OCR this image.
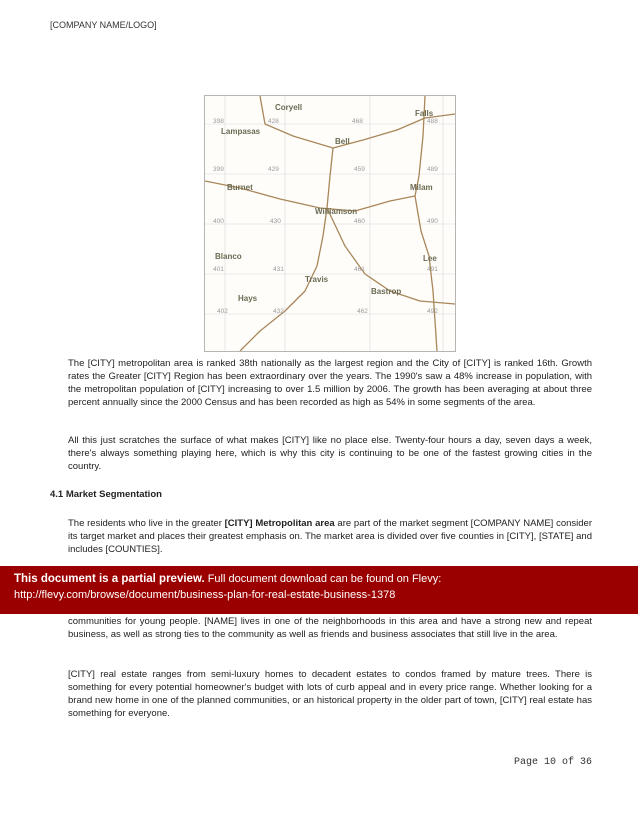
[COMPANY NAME/LOGO]
398	428	468	488
399	429	459	489
400	430	460	490
401	431	461	491
402	432	462	492
Coryell
Falls
Lampasas
Bell
Burnet	Milam
Williamson
Blanco
Travis
Lee
Hays
Bastrop

The [CITY] metropolitan area is ranked 38th nationally as the largest region and the City of [CITY] is ranked 16th. Growth rates the Greater [CITY] Region has been extraordinary over the years. The 1990's saw a 48% increase in population, with the metropolitan population of [CITY] increasing to over 1.5 million by 2006. The growth has been averaging at about three percent annually since the 2000 Census and has been recorded as high as 54% in some segments of the area.

All this just scratches the surface of what makes [CITY] like no place else. Twenty-four hours a day, seven days a week, there's always something playing here, which is why this city is continuing to be one of the fastest growing cities in the country.

4.1 Market Segmentation

The residents who live in the greater [CITY] Metropolitan area are part of the market segment [COMPANY NAME] consider its target market and places their greatest emphasis on. The market area is divided over five counties in [CITY], [STATE] and includes [COUNTIES].

This document is a partial preview. Full document download can be found on Flevy:
http://flevy.com/browse/document/business-plan-for-real-estate-business-1378

communities for young people. [NAME] lives in one of the neighborhoods in this area and have a strong new and repeat business, as well as strong ties to the community as well as friends and business associates that still live in the area.

[CITY] real estate ranges from semi-luxury homes to decadent estates to condos framed by mature trees. There is something for every potential homeowner's budget with lots of curb appeal and in every price range. Whether looking for a brand new home in one of the planned communities, or an historical property in the older part of town, [CITY] real estate has something for everyone.

Page 10 of 36
